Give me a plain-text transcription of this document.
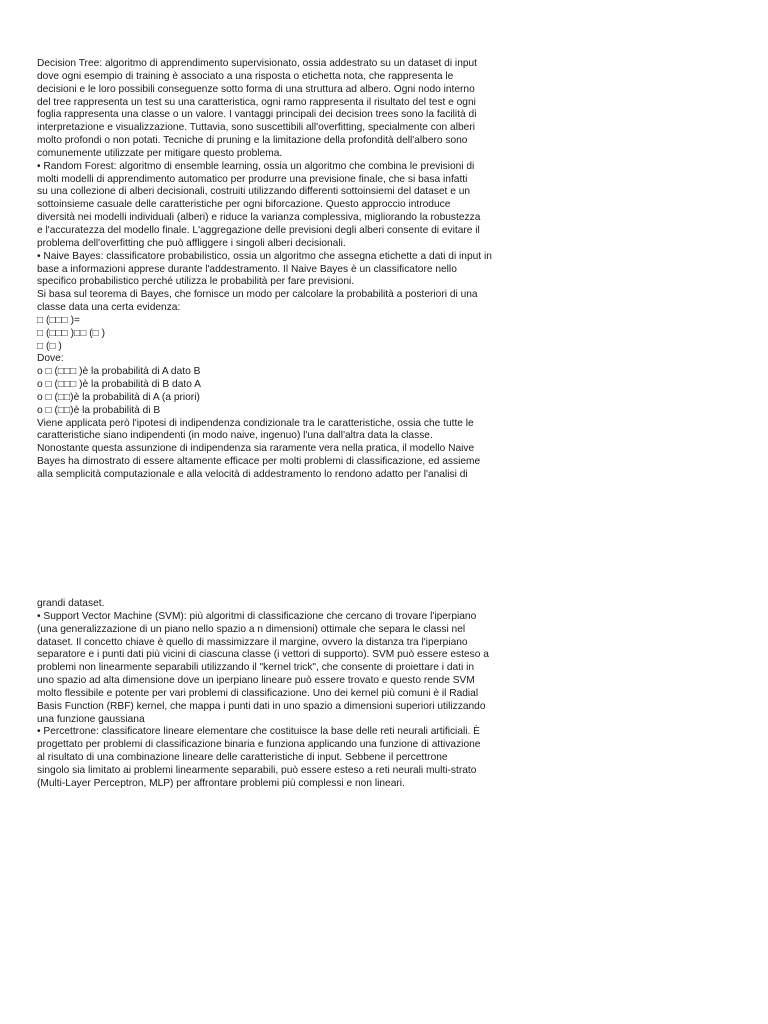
Decision Tree: algoritmo di apprendimento supervisionato, ossia addestrato su un dataset di input
dove ogni esempio di training è associato a una risposta o etichetta nota, che rappresenta le
decisioni e le loro possibili conseguenze sotto forma di una struttura ad albero. Ogni nodo interno
del tree rappresenta un test su una caratteristica, ogni ramo rappresenta il risultato del test e ogni
foglia rappresenta una classe o un valore. I vantaggi principali dei decision trees sono la facilità di
interpretazione e visualizzazione. Tuttavia, sono suscettibili all'overfitting, specialmente con alberi
molto profondi o non potati. Tecniche di pruning e la limitazione della profondità dell'albero sono
comunemente utilizzate per mitigare questo problema.
• Random Forest: algoritmo di ensemble learning, ossia un algoritmo che combina le previsioni di
molti modelli di apprendimento automatico per produrre una previsione finale, che si basa infatti
su una collezione di alberi decisionali, costruiti utilizzando differenti sottoinsiemi del dataset e un
sottoinsieme casuale delle caratteristiche per ogni biforcazione. Questo approccio introduce
diversità nei modelli individuali (alberi) e riduce la varianza complessiva, migliorando la robustezza
e l'accuratezza del modello finale. L'aggregazione delle previsioni degli alberi consente di evitare il
problema dell'overfitting che può affliggere i singoli alberi decisionali.
• Naive Bayes: classificatore probabilistico, ossia un algoritmo che assegna etichette a dati di input in
base a informazioni apprese durante l'addestramento. Il Naive Bayes è un classificatore nello
specifico probabilistico perché utilizza le probabilità per fare previsioni.
Si basa sul teorema di Bayes, che fornisce un modo per calcolare la probabilità a posteriori di una
classe data una certa evidenza:
□ (□□□ )=
□ (□□□ )□□ (□ )
□ (□ )
Dove:
o □ (□□□ )è la probabilità di A dato B
o □ (□□□ )è la probabilità di B dato A
o □ (□□)è la probabilità di A (a priori)
o □ (□□)è la probabilità di B
Viene applicata però l'ipotesi di indipendenza condizionale tra le caratteristiche, ossia che tutte le
caratteristiche siano indipendenti (in modo naive, ingenuo) l'una dall'altra data la classe.
Nonostante questa assunzione di indipendenza sia raramente vera nella pratica, il modello Naive
Bayes ha dimostrato di essere altamente efficace per molti problemi di classificazione, ed assieme
alla semplicità computazionale e alla velocità di addestramento lo rendono adatto per l'analisi di
grandi dataset.
• Support Vector Machine (SVM): più algoritmi di classificazione che cercano di trovare l'iperpiano
(una generalizzazione di un piano nello spazio a n dimensioni) ottimale che separa le classi nel
dataset. Il concetto chiave è quello di massimizzare il margine, ovvero la distanza tra l'iperpiano
separatore e i punti dati più vicini di ciascuna classe (i vettori di supporto). SVM può essere esteso a
problemi non linearmente separabili utilizzando il "kernel trick", che consente di proiettare i dati in
uno spazio ad alta dimensione dove un iperpiano lineare può essere trovato e questo rende SVM
molto flessibile e potente per vari problemi di classificazione. Uno dei kernel più comuni è il Radial
Basis Function (RBF) kernel, che mappa i punti dati in uno spazio a dimensioni superiori utilizzando
una funzione gaussiana
• Percettrone: classificatore lineare elementare che costituisce la base delle reti neurali artificiali. È
progettato per problemi di classificazione binaria e funziona applicando una funzione di attivazione
al risultato di una combinazione lineare delle caratteristiche di input. Sebbene il percettrone
singolo sia limitato ai problemi linearmente separabili, può essere esteso a reti neurali multi-strato
(Multi-Layer Perceptron, MLP) per affrontare problemi più complessi e non lineari.
